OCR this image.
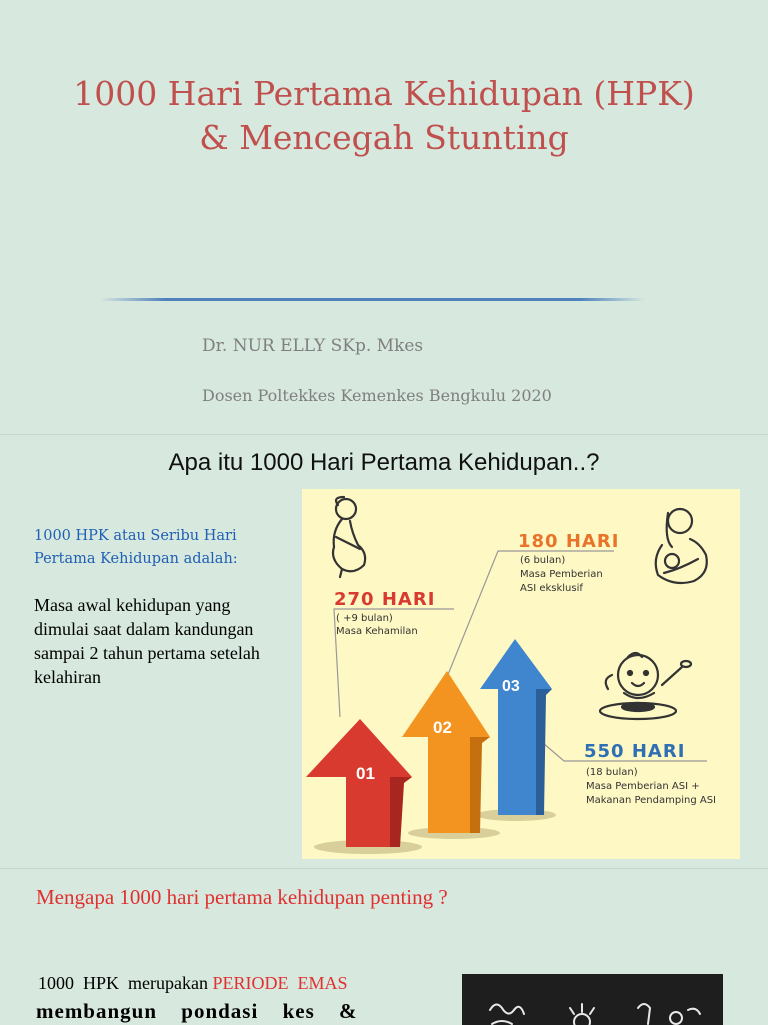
1000 Hari Pertama Kehidupan (HPK)
& Mencegah Stunting
Dr. NUR ELLY SKp. Mkes
Dosen Poltekkes Kemenkes Bengkulu 2020
Apa itu 1000 Hari Pertama Kehidupan..?
1000 HPK atau Seribu Hari Pertama Kehidupan adalah:
Masa awal kehidupan yang dimulai saat dalam kandungan sampai 2 tahun pertama setelah kelahiran
01
02
03
270 HARI
( +9 bulan)
Masa Kehamilan
180 HARI
(6 bulan)
Masa Pemberian
ASI eksklusif
550 HARI
(18 bulan)
Masa Pemberian ASI +
Makanan Pendamping ASI
Mengapa 1000 hari pertama kehidupan penting ?
1000  HPK  merupakan PERIODE  EMAS
membangun pondasi kes &
